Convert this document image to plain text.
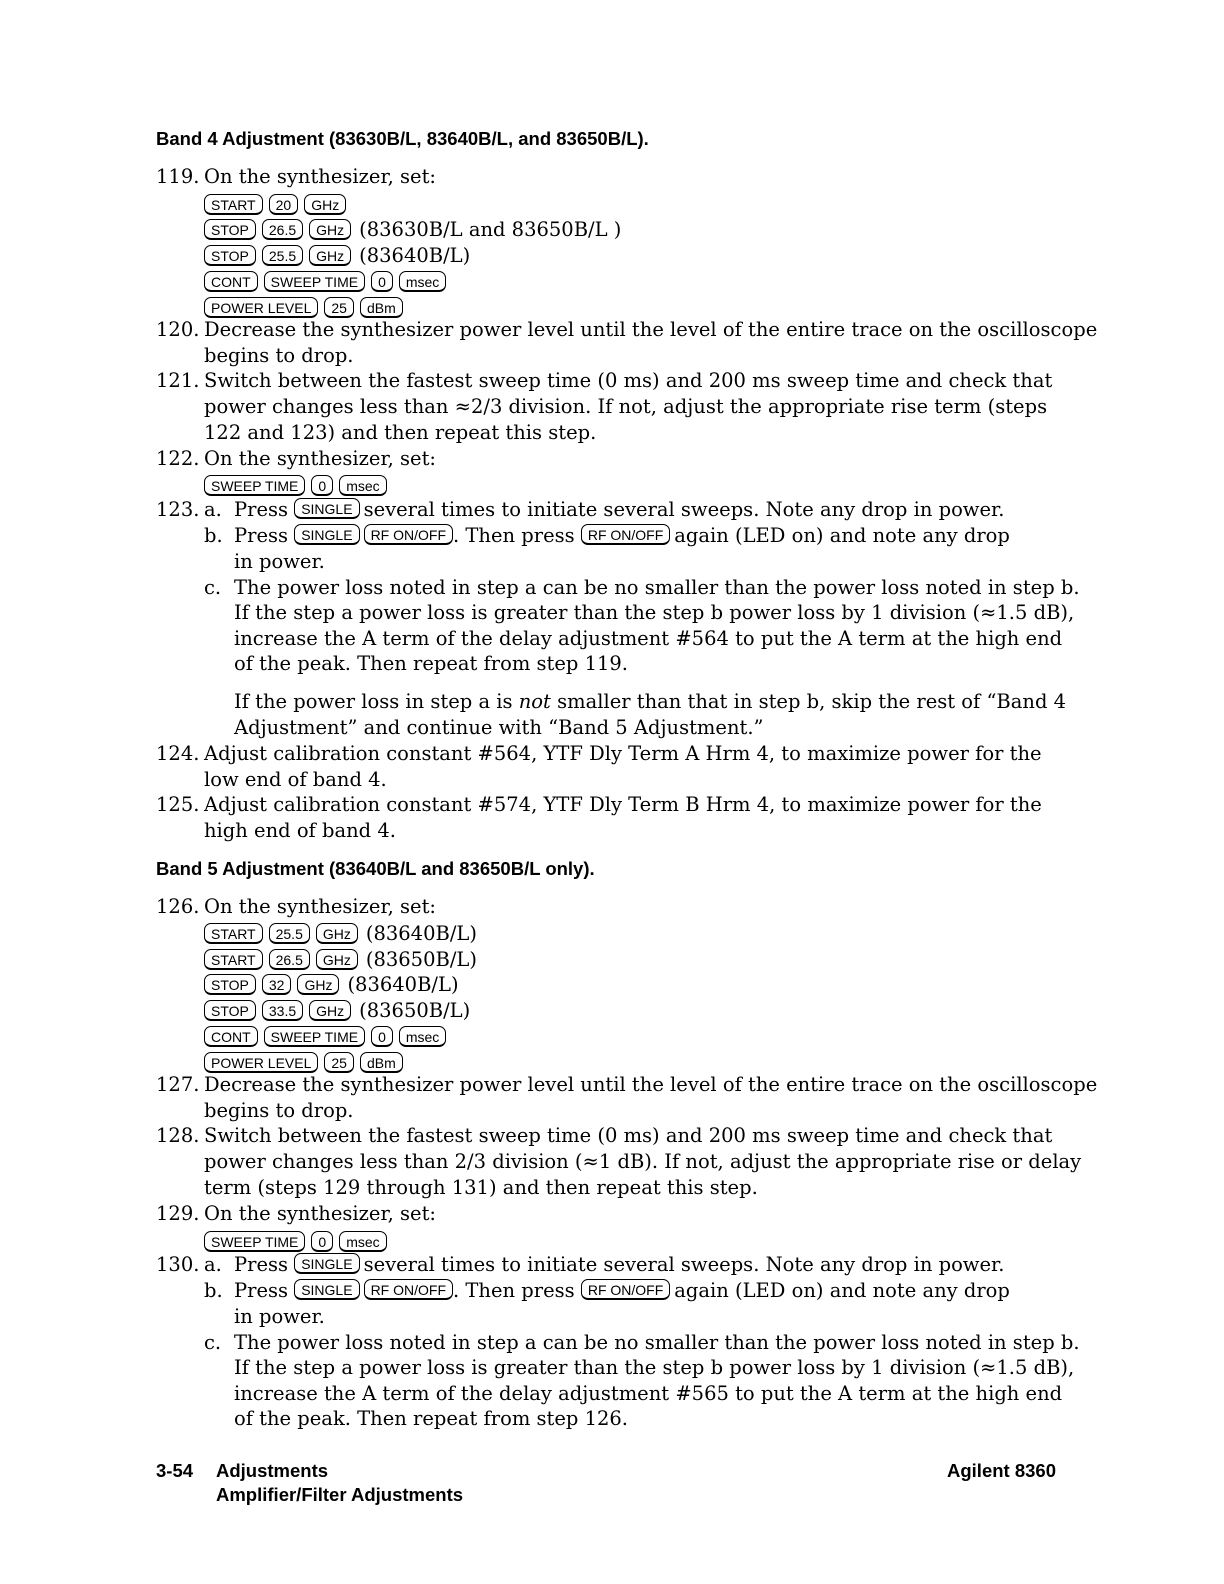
Band 4 Adjustment (83630B/L, 83640B/L, and 83650B/L).
119. On the synthesizer, set:
START	20	GHz
STOP	26.5	GHz (83630B/L and 83650B/L )
STOP	25.5	GHz (83640B/L)
CONT	SWEEP TIME	0	msec
POWER LEVEL	25	dBm
120. Decrease the synthesizer power level until the level of the entire trace on the oscilloscope
begins to drop.
121. Switch between the fastest sweep time (0 ms) and 200 ms sweep time and check that
power changes less than ≈2/3 division. If not, adjust the appropriate rise term (steps
122 and 123) and then repeat this step.
122. On the synthesizer, set:
SWEEP TIME	0	msec
123. a. Press SINGLE several times to initiate several sweeps. Note any drop in power.
b. Press SINGLE RF ON/OFF . Then press RF ON/OFF again (LED on) and note any drop
in power.
c. The power loss noted in step a can be no smaller than the power loss noted in step b.
If the step a power loss is greater than the step b power loss by 1 division (≈1.5 dB),
increase the A term of the delay adjustment #564 to put the A term at the high end
of the peak. Then repeat from step 119.
If the power loss in step a is not smaller than that in step b, skip the rest of “Band 4
Adjustment” and continue with “Band 5 Adjustment.”
124. Adjust calibration constant #564, YTF Dly Term A Hrm 4, to maximize power for the
low end of band 4.
125. Adjust calibration constant #574, YTF Dly Term B Hrm 4, to maximize power for the
high end of band 4.
Band 5 Adjustment (83640B/L and 83650B/L only).
126. On the synthesizer, set:
START	25.5	GHz (83640B/L)
START	26.5	GHz (83650B/L)
STOP	32	GHz (83640B/L)
STOP	33.5	GHz (83650B/L)
CONT	SWEEP TIME	0	msec
POWER LEVEL	25	dBm
127. Decrease the synthesizer power level until the level of the entire trace on the oscilloscope
begins to drop.
128. Switch between the fastest sweep time (0 ms) and 200 ms sweep time and check that
power changes less than 2/3 division (≈1 dB). If not, adjust the appropriate rise or delay
term (steps 129 through 131) and then repeat this step.
129. On the synthesizer, set:
SWEEP TIME	0	msec
130. a. Press SINGLE several times to initiate several sweeps. Note any drop in power.
b. Press SINGLE RF ON/OFF . Then press RF ON/OFF again (LED on) and note any drop
in power.
c. The power loss noted in step a can be no smaller than the power loss noted in step b.
If the step a power loss is greater than the step b power loss by 1 division (≈1.5 dB),
increase the A term of the delay adjustment #565 to put the A term at the high end
of the peak. Then repeat from step 126.
3-54 Adjustments
Amplifier/Filter Adjustments
Agilent 8360
